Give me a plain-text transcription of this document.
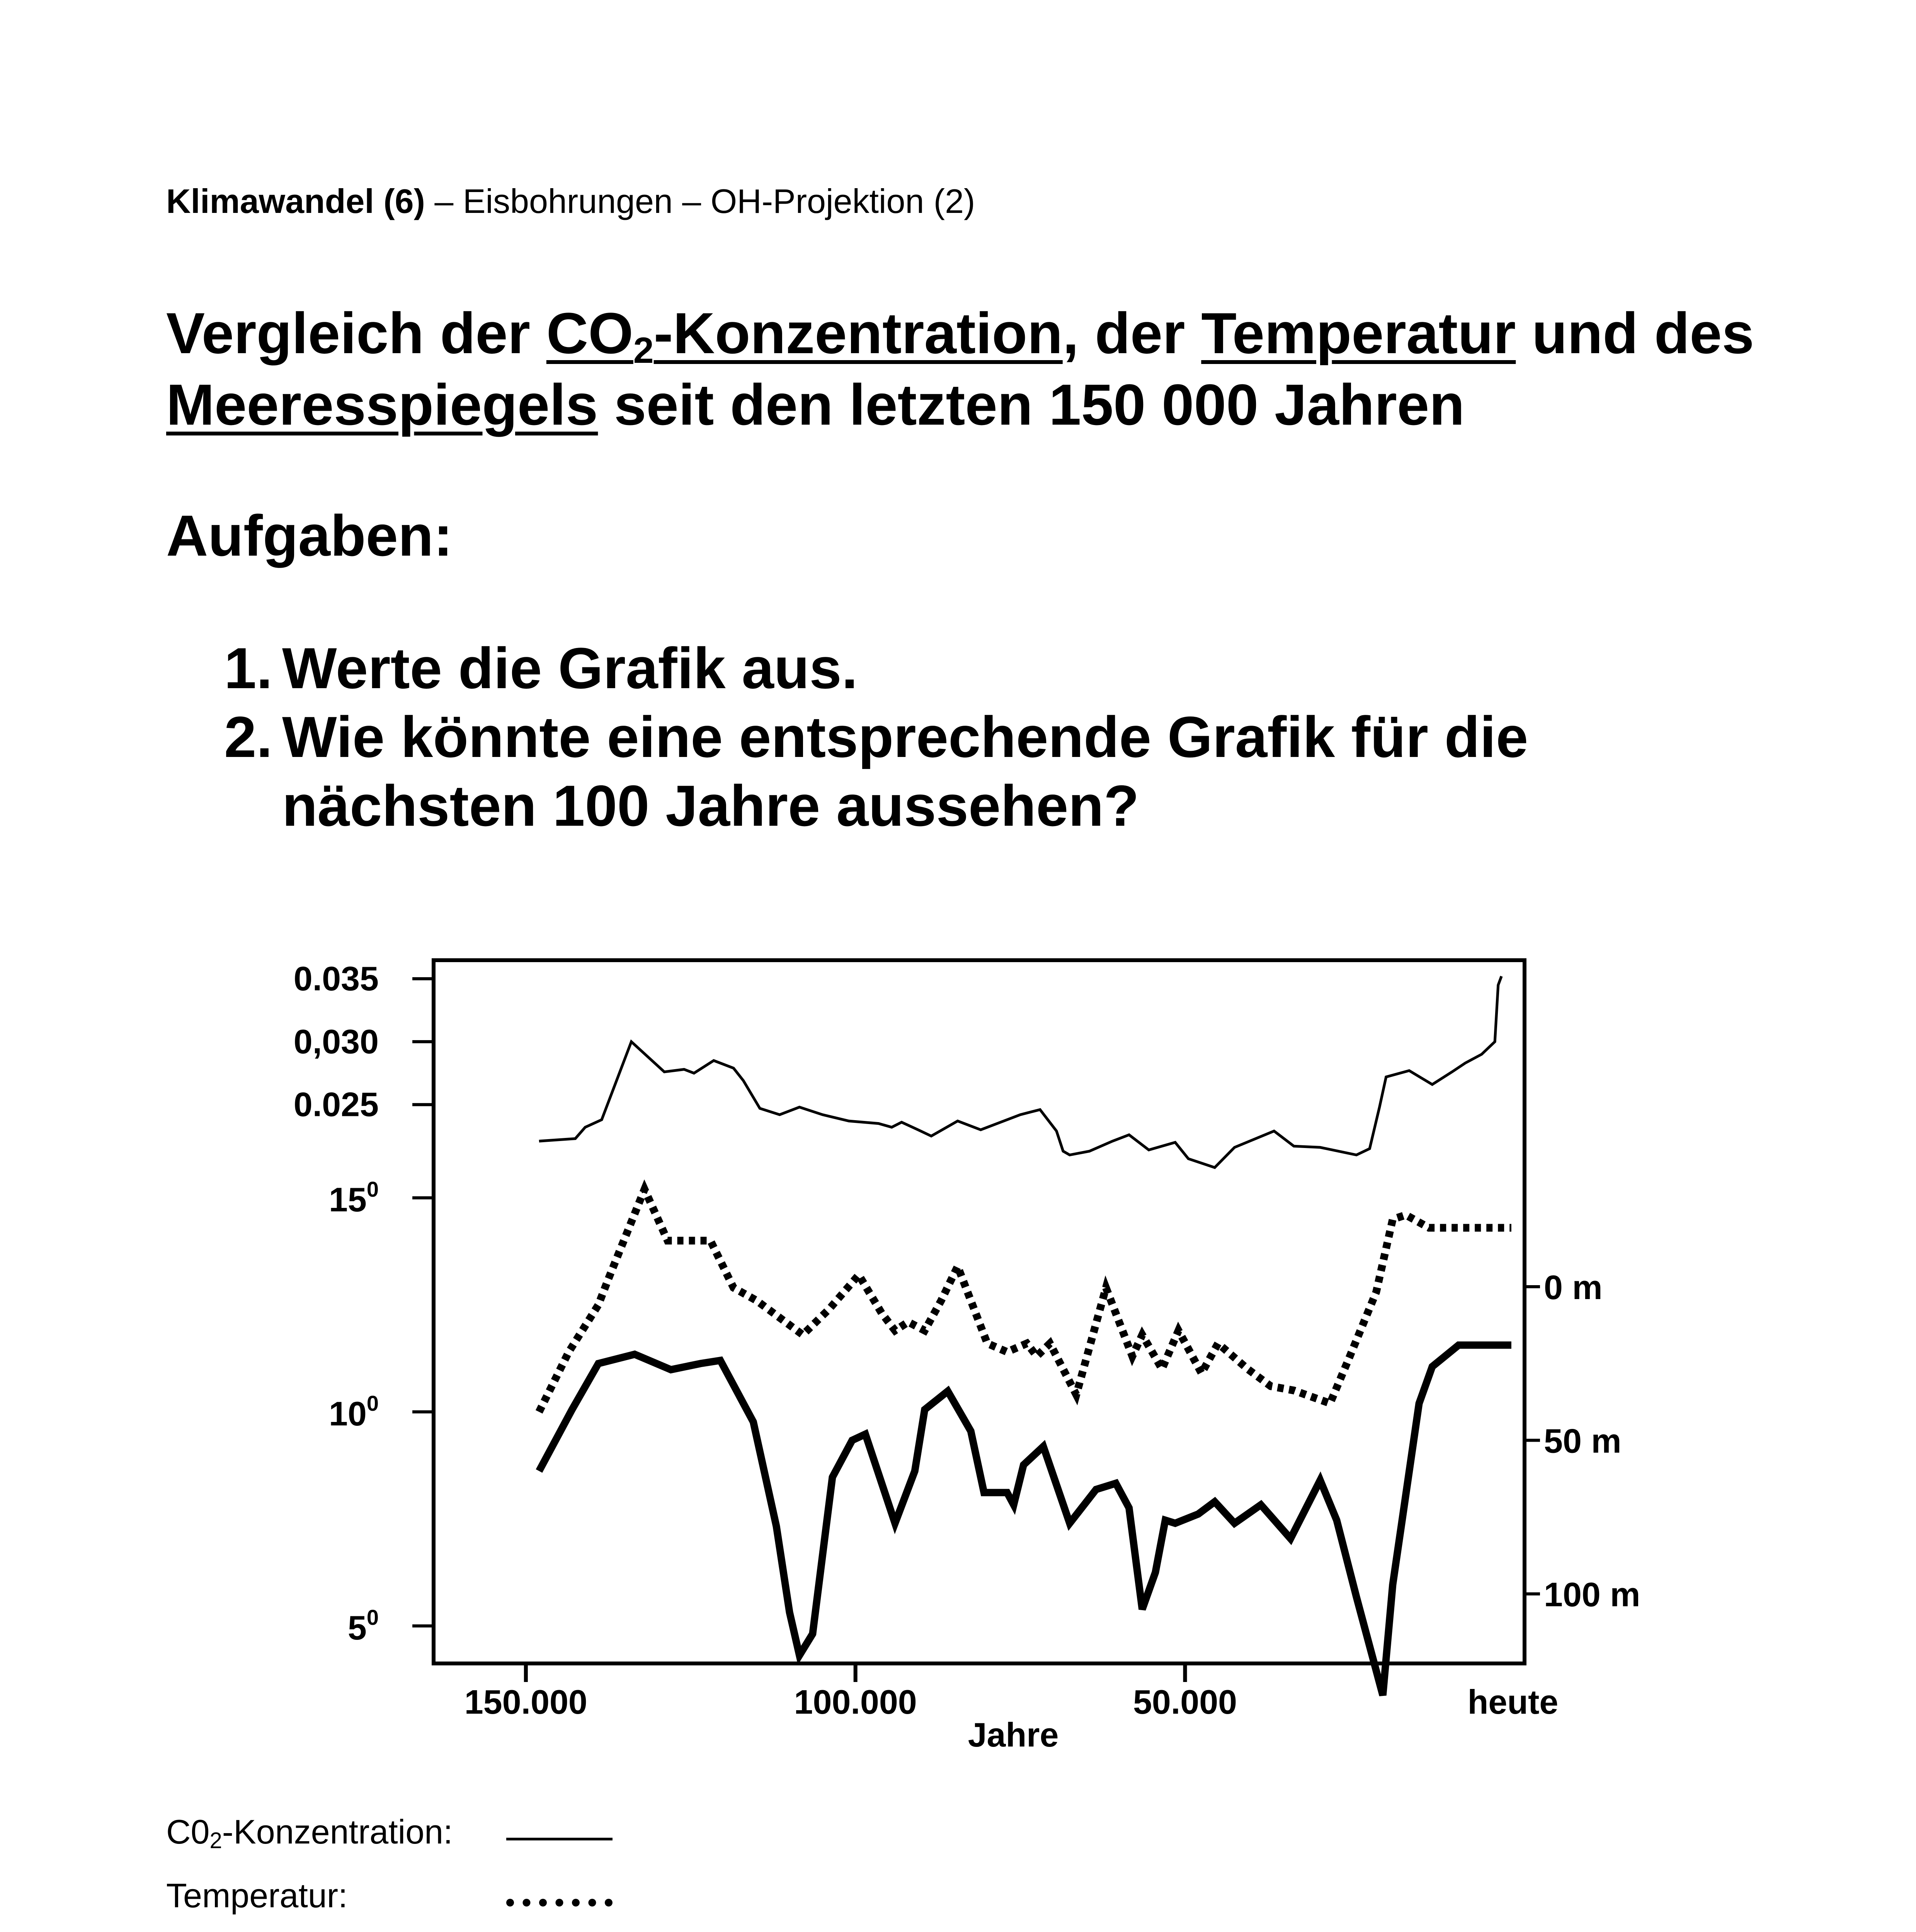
Klimawandel (6) – Eisbohrungen – OH-Projektion (2)
Vergleich der $CO_2$-Konzentration, der Temperatur und des Meeresspiegels seit den letzten 150 000 Jahren
Aufgaben:
1. Werte die Grafik aus.
2. Wie könnte eine entsprechende Grafik für die nächsten 100 Jahre aussehen?
150.000	100.000	50.000	heute
0.035
0,030
0.025
$15^0$
$10^0$
$5^0$
0 m
50 m
100 m
Jahre
$C0_2$-Konzentration:
Temperatur:
